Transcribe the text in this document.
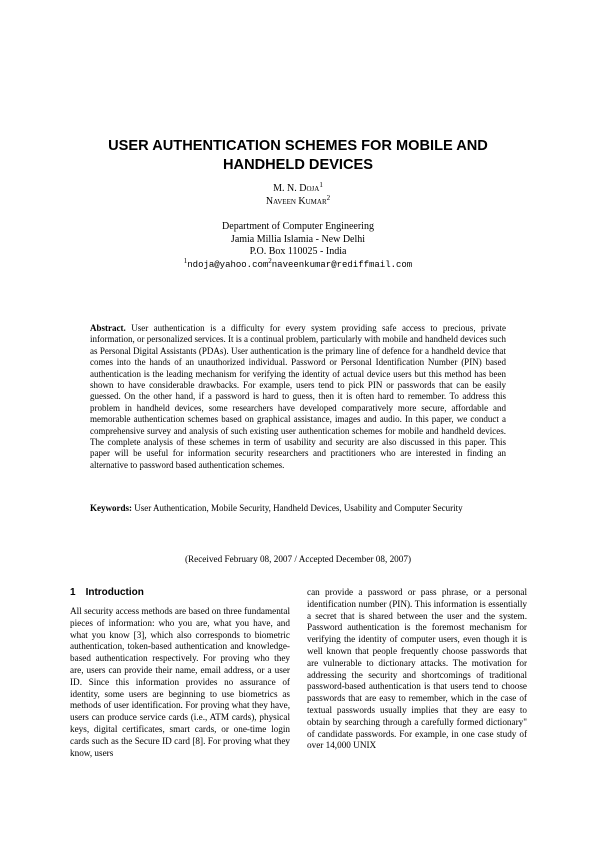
USER AUTHENTICATION SCHEMES FOR MOBILE AND
HANDHELD DEVICES
M. N. Doja$^1$
Naveen Kumar$^2$
Department of Computer Engineering
Jamia Millia Islamia - New Delhi
P.O. Box 110025 - India
$^1$ndoja@yahoo.com$^2$naveenkumar@rediffmail.com
Abstract. User authentication is a difficulty for every system providing safe access to precious, private information, or personalized services. It is a continual problem, particularly with mobile and handheld devices such as Personal Digital Assistants (PDAs). User authentication is the primary line of defence for a handheld device that comes into the hands of an unauthorized individual. Password or Personal Identification Number (PIN) based authentication is the leading mechanism for verifying the identity of actual device users but this method has been shown to have considerable drawbacks. For example, users tend to pick PIN or passwords that can be easily guessed. On the other hand, if a password is hard to guess, then it is often hard to remember. To address this problem in handheld devices, some researchers have developed comparatively more secure, affordable and memorable authentication schemes based on graphical assistance, images and audio. In this paper, we conduct a comprehensive survey and analysis of such existing user authentication schemes for mobile and handheld devices. The complete analysis of these schemes in term of usability and security are also discussed in this paper. This paper will be useful for information security researchers and practitioners who are interested in finding an alternative to password based authentication schemes.
Keywords: User Authentication, Mobile Security, Handheld Devices, Usability and Computer Security
(Received February 08, 2007 / Accepted December 08, 2007)
1 Introduction

All security access methods are based on three fundamental pieces of information: who you are, what you have, and what you know [3], which also corresponds to biometric authentication, token-based authentication and knowledge-based authentication respectively. For proving who they are, users can provide their name, email address, or a user ID. Since this information provides no assurance of identity, some users are beginning to use biometrics as methods of user identification. For proving what they have, users can produce service cards (i.e., ATM cards), physical keys, digital certificates, smart cards, or one-time login cards such as the Secure ID card [8]. For proving what they know, users

can provide a password or pass phrase, or a personal identification number (PIN). This information is essentially a secret that is shared between the user and the system. Password authentication is the foremost mechanism for verifying the identity of computer users, even though it is well known that people frequently choose passwords that are vulnerable to dictionary attacks. The motivation for addressing the security and shortcomings of traditional password-based authentication is that users tend to choose passwords that are easy to remember, which in the case of textual passwords usually implies that they are easy to obtain by searching through a carefully formed dictionary" of candidate passwords. For example, in one case study of over 14,000 UNIX
